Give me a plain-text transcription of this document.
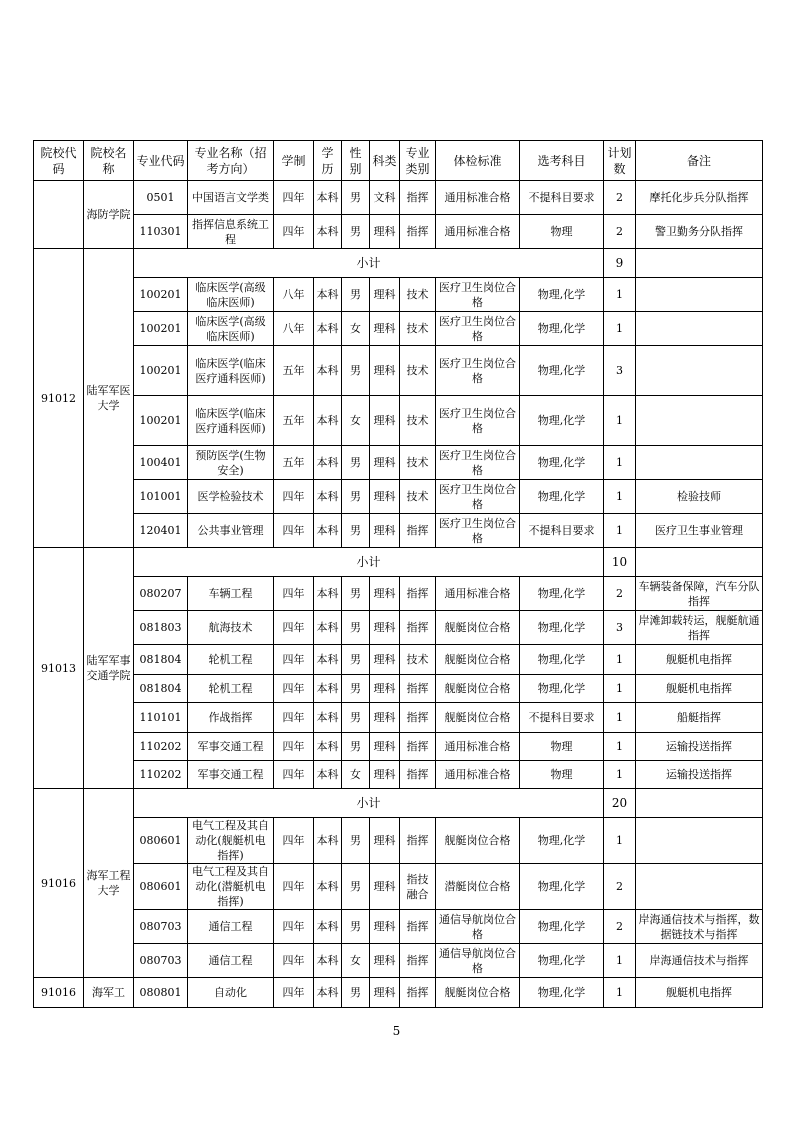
院校代码	院校名称	专业代码	专业名称（招考方向）	学制	学历	性别	科类	专业类别	体检标准	选考科目	计划数	备注
	海防学院	0501	中国语言文学类	四年	本科	男	文科	指挥	通用标准合格	不提科目要求	2	摩托化步兵分队指挥
		110301	指挥信息系统工程	四年	本科	男	理科	指挥	通用标准合格	物理	2	警卫勤务分队指挥
91012	陆军军医大学	小计									9	
		100201	临床医学(高级临床医师)	八年	本科	男	理科	技术	医疗卫生岗位合格	物理,化学	1	
		100201	临床医学(高级临床医师)	八年	本科	女	理科	技术	医疗卫生岗位合格	物理,化学	1	
		100201	临床医学(临床医疗通科医师)	五年	本科	男	理科	技术	医疗卫生岗位合格	物理,化学	3	
		100201	临床医学(临床医疗通科医师)	五年	本科	女	理科	技术	医疗卫生岗位合格	物理,化学	1	
		100401	预防医学(生物安全)	五年	本科	男	理科	技术	医疗卫生岗位合格	物理,化学	1	
		101001	医学检验技术	四年	本科	男	理科	技术	医疗卫生岗位合格	物理,化学	1	检验技师
		120401	公共事业管理	四年	本科	男	理科	指挥	医疗卫生岗位合格	不提科目要求	1	医疗卫生事业管理
91013	陆军军事交通学院	小计									10	
		080207	车辆工程	四年	本科	男	理科	指挥	通用标准合格	物理,化学	2	车辆装备保障，汽车分队指挥
		081803	航海技术	四年	本科	男	理科	指挥	舰艇岗位合格	物理,化学	3	岸滩卸载转运，舰艇航通指挥
		081804	轮机工程	四年	本科	男	理科	技术	舰艇岗位合格	物理,化学	1	舰艇机电指挥
		081804	轮机工程	四年	本科	男	理科	指挥	舰艇岗位合格	物理,化学	1	舰艇机电指挥
		110101	作战指挥	四年	本科	男	理科	指挥	舰艇岗位合格	不提科目要求	1	船艇指挥
		110202	军事交通工程	四年	本科	男	理科	指挥	通用标准合格	物理	1	运输投送指挥
		110202	军事交通工程	四年	本科	女	理科	指挥	通用标准合格	物理	1	运输投送指挥
91016	海军工程大学	小计									20	
		080601	电气工程及其自动化(舰艇机电指挥)	四年	本科	男	理科	指挥	舰艇岗位合格	物理,化学	1	
		080601	电气工程及其自动化(潜艇机电指挥)	四年	本科	男	理科	指技融合	潜艇岗位合格	物理,化学	2	
		080703	通信工程	四年	本科	男	理科	指挥	通信导航岗位合格	物理,化学	2	岸海通信技术与指挥，数据链技术与指挥
		080703	通信工程	四年	本科	女	理科	指挥	通信导航岗位合格	物理,化学	1	岸海通信技术与指挥
91016	海军工	080801	自动化	四年	本科	男	理科	指挥	舰艇岗位合格	物理,化学	1	舰艇机电指挥
5
